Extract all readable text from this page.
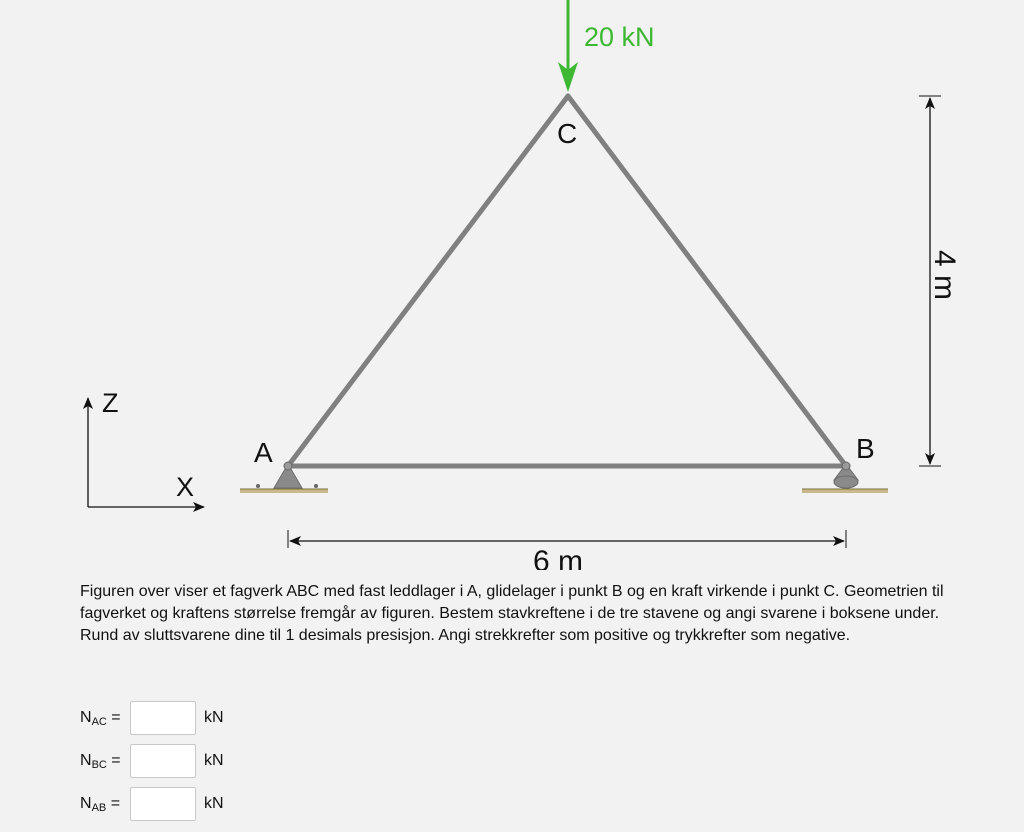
20 kN
C
A	B
6 m
4 m
Z
X

Figuren over viser et fagverk ABC med fast leddlager i A, glidelager i punkt B og en kraft virkende i punkt C. Geometrien til fagverket og kraftens størrelse fremgår av figuren. Bestem stavkreftene i de tre stavene og angi svarene i boksene under. Rund av sluttsvarene dine til 1 desimals presisjon. Angi strekkrefter som positive og trykkrefter som negative.

$N_{AC}$ =	kN
$N_{BC}$ =	kN
$N_{AB}$ =	kN
